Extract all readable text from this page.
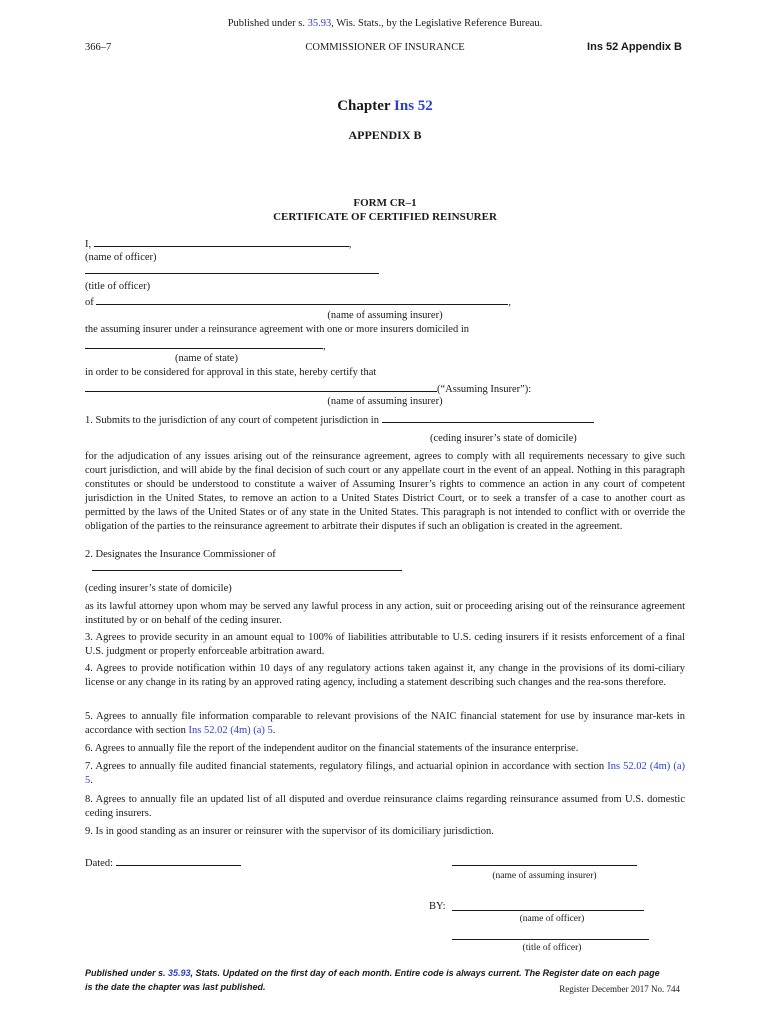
Published under s. 35.93, Wis. Stats., by the Legislative Reference Bureau.
366–7	COMMISSIONER OF INSURANCE	Ins 52 Appendix B
Chapter Ins 52
APPENDIX B
FORM CR–1
CERTIFICATE OF CERTIFIED REINSURER
I,	,
(name of officer)
(title of officer)
of	,
(name of assuming insurer)
the assuming insurer under a reinsurance agreement with one or more insurers domiciled in
,
(name of state)
in order to be considered for approval in this state, hereby certify that
(“Assuming Insurer”):
(name of assuming insurer)
1. Submits to the jurisdiction of any court of competent jurisdiction in
(ceding insurer’s state of domicile)
for the adjudication of any issues arising out of the reinsurance agreement, agrees to comply with all requirements necessary to give such court jurisdiction, and will abide by the final decision of such court or any appellate court in the event of an appeal. Nothing in this paragraph constitutes or should be understood to constitute a waiver of Assuming Insurer’s rights to commence an action in any court of competent jurisdiction in the United States, to remove an action to a United States District Court, or to seek a transfer of a case to another court as permitted by the laws of the United States or of any state in the United States. This paragraph is not intended to conflict with or override the obligation of the parties to the reinsurance agreement to arbitrate their disputes if such an obligation is created in the agreement.
2. Designates the Insurance Commissioner of
(ceding insurer’s state of domicile)
as its lawful attorney upon whom may be served any lawful process in any action, suit or proceeding arising out of the reinsurance agreement instituted by or on behalf of the ceding insurer.
3. Agrees to provide security in an amount equal to 100% of liabilities attributable to U.S. ceding insurers if it resists enforcement of a final U.S. judgment or properly enforceable arbitration award.
4. Agrees to provide notification within 10 days of any regulatory actions taken against it, any change in the provisions of its domi-ciliary license or any change in its rating by an approved rating agency, including a statement describing such changes and the rea-sons therefore.
5. Agrees to annually file information comparable to relevant provisions of the NAIC financial statement for use by insurance mar-kets in accordance with section Ins 52.02 (4m) (a) 5.
6. Agrees to annually file the report of the independent auditor on the financial statements of the insurance enterprise.
7. Agrees to annually file audited financial statements, regulatory filings, and actuarial opinion in accordance with section Ins 52.02 (4m) (a) 5.
8. Agrees to annually file an updated list of all disputed and overdue reinsurance claims regarding reinsurance assumed from U.S. domestic ceding insurers.
9. Is in good standing as an insurer or reinsurer with the supervisor of its domiciliary jurisdiction.
Dated:
(name of assuming insurer)
BY:
(name of officer)
(title of officer)
Published under s. 35.93, Stats. Updated on the first day of each month. Entire code is always current. The Register date on each page
is the date the chapter was last published.	Register December 2017 No. 744
